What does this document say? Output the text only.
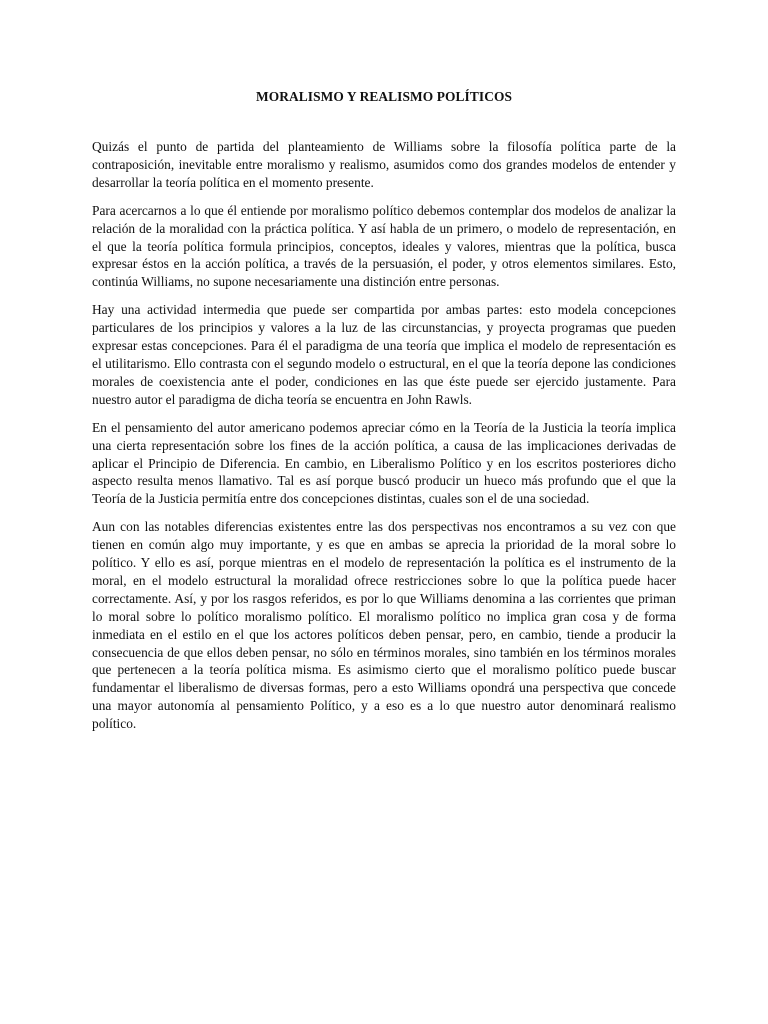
MORALISMO Y REALISMO POLÍTICOS

Quizás el punto de partida del planteamiento de Williams sobre la filosofía política parte de la contraposición, inevitable entre moralismo y realismo, asumidos como dos grandes modelos de entender y desarrollar la teoría política en el momento presente.

Para acercarnos a lo que él entiende por moralismo político debemos contemplar dos modelos de analizar la relación de la moralidad con la práctica política. Y así habla de un primero, o modelo de representación, en el que la teoría política formula principios, conceptos, ideales y valores, mientras que la política, busca expresar éstos en la acción política, a través de la persuasión, el poder, y otros elementos similares. Esto, continúa Williams, no supone necesariamente una distinción entre personas.

Hay una actividad intermedia que puede ser compartida por ambas partes: esto modela concepciones particulares de los principios y valores a la luz de las circunstancias, y proyecta programas que pueden expresar estas concepciones. Para él el paradigma de una teoría que implica el modelo de representación es el utilitarismo. Ello contrasta con el segundo modelo o estructural, en el que la teoría depone las condiciones morales de coexistencia ante el poder, condiciones en las que éste puede ser ejercido justamente. Para nuestro autor el paradigma de dicha teoría se encuentra en John Rawls.

En el pensamiento del autor americano podemos apreciar cómo en la Teoría de la Justicia la teoría implica una cierta representación sobre los fines de la acción política, a causa de las implicaciones derivadas de aplicar el Principio de Diferencia. En cambio, en Liberalismo Político y en los escritos posteriores dicho aspecto resulta menos llamativo. Tal es así porque buscó producir un hueco más profundo que el que la Teoría de la Justicia permitía entre dos concepciones distintas, cuales son el de una sociedad.

Aun con las notables diferencias existentes entre las dos perspectivas nos encontramos a su vez con que tienen en común algo muy importante, y es que en ambas se aprecia la prioridad de la moral sobre lo político. Y ello es así, porque mientras en el modelo de representación la política es el instrumento de la moral, en el modelo estructural la moralidad ofrece restricciones sobre lo que la política puede hacer correctamente. Así, y por los rasgos referidos, es por lo que Williams denomina a las corrientes que priman lo moral sobre lo político moralismo político. El moralismo político no implica gran cosa y de forma inmediata en el estilo en el que los actores políticos deben pensar, pero, en cambio, tiende a producir la consecuencia de que ellos deben pensar, no sólo en términos morales, sino también en los términos morales que pertenecen a la teoría política misma. Es asimismo cierto que el moralismo político puede buscar fundamentar el liberalismo de diversas formas, pero a esto Williams opondrá una perspectiva que concede una mayor autonomía al pensamiento Político, y a eso es a lo que nuestro autor denominará realismo político.
